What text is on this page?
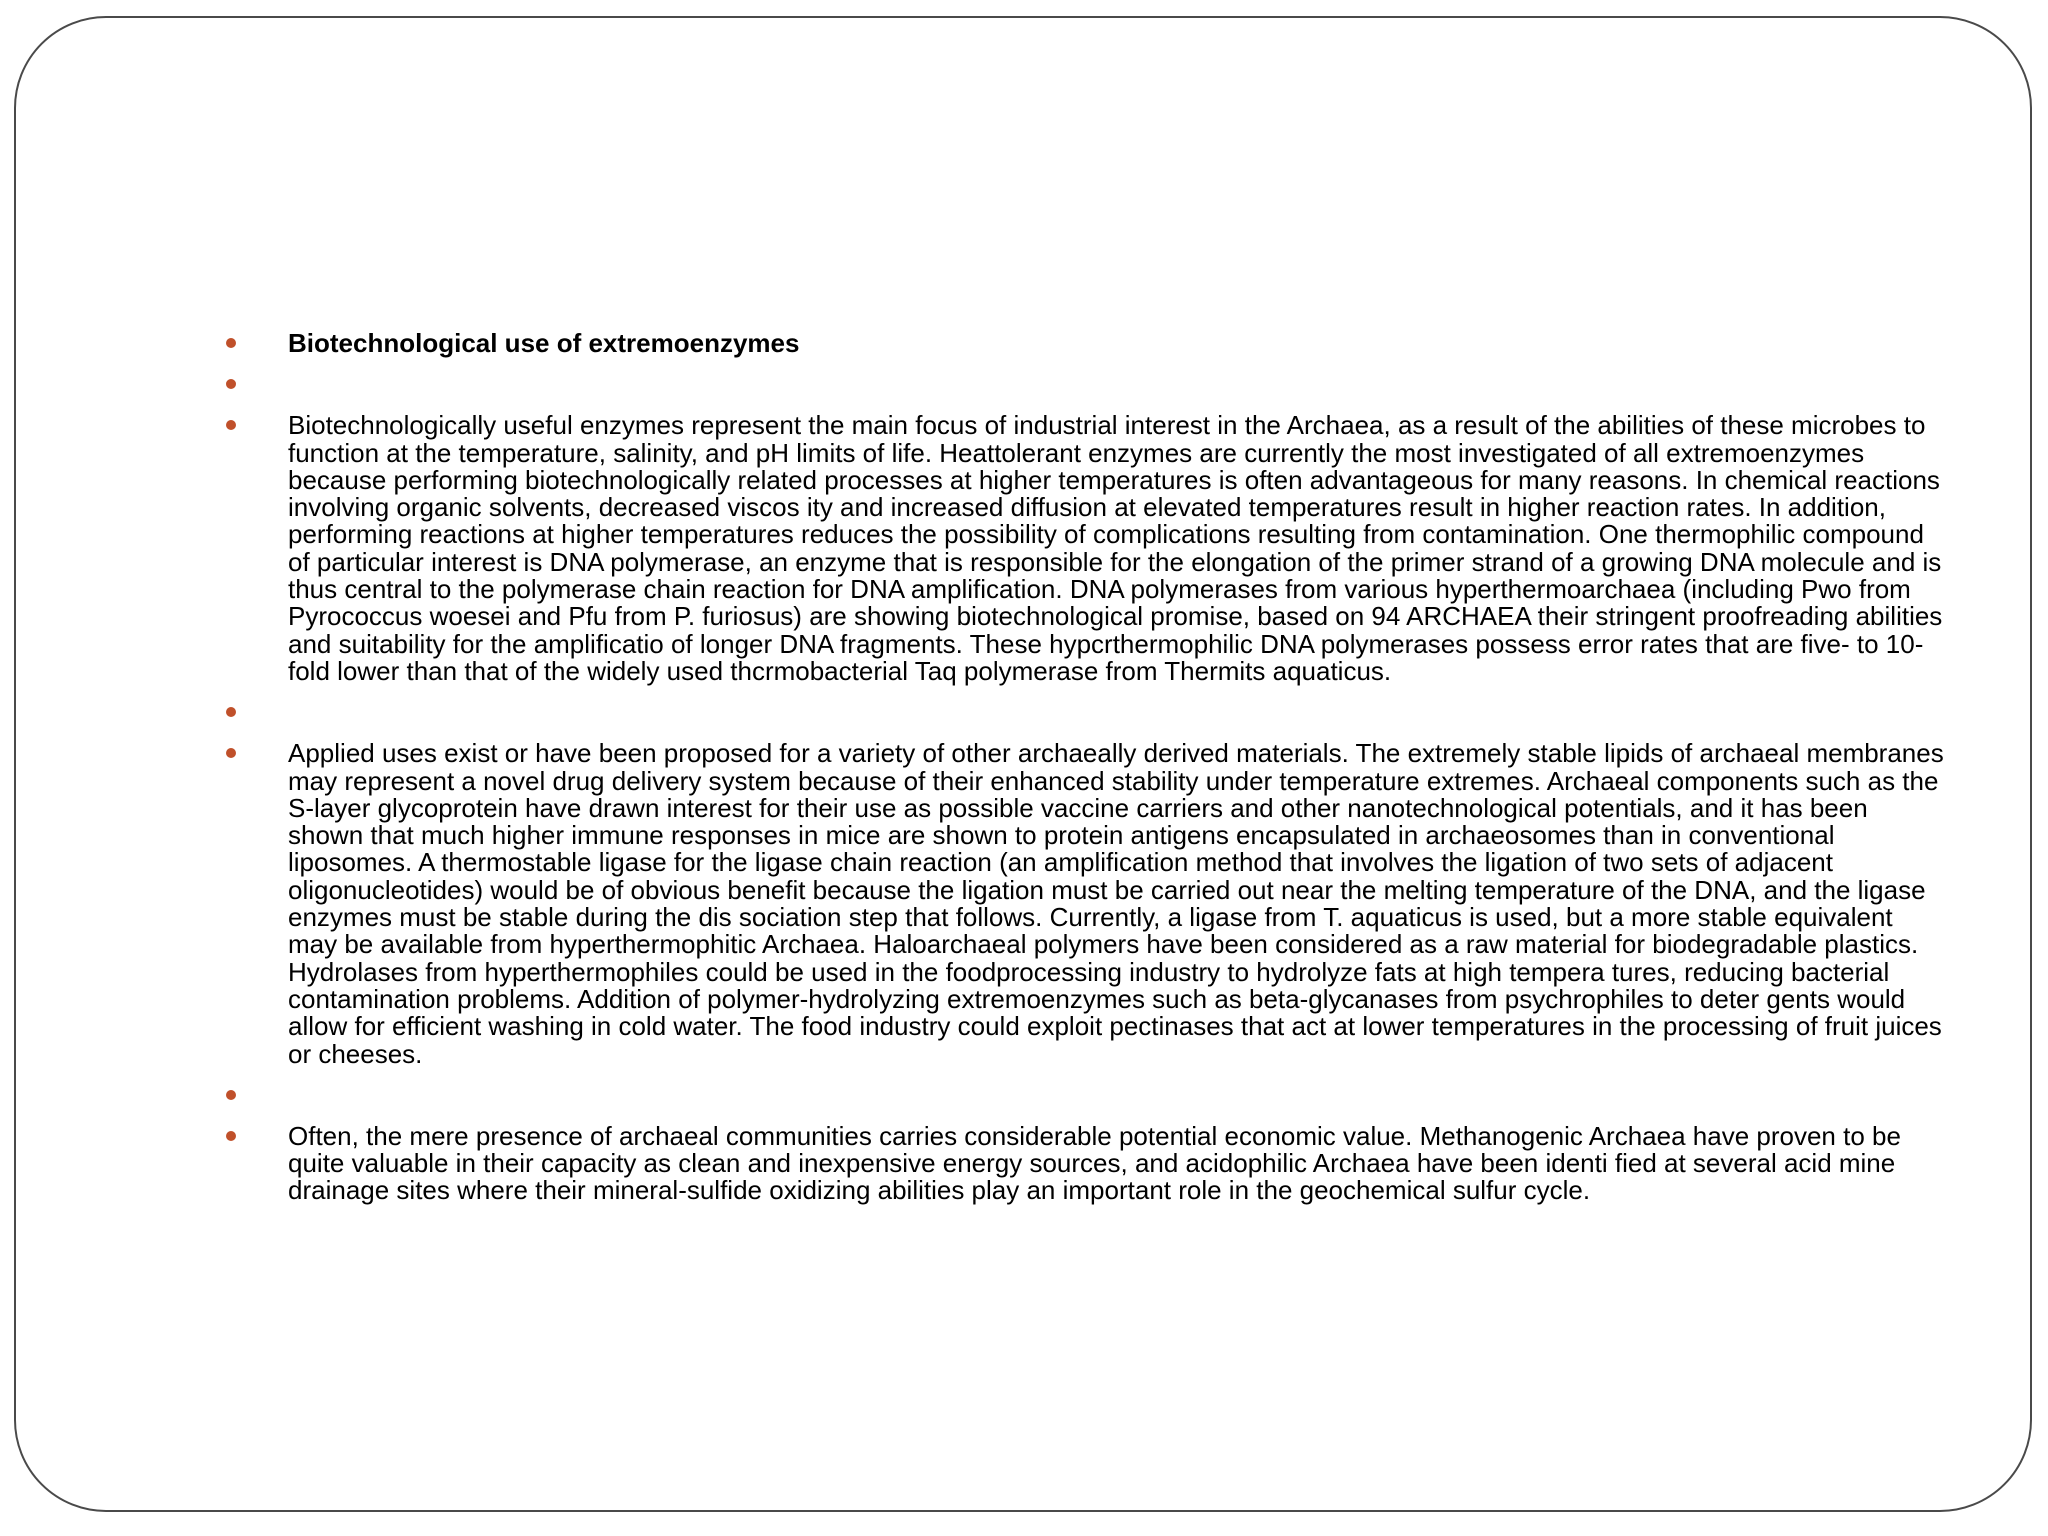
Biotechnological use of extremoenzymes
Biotechnologically useful enzymes represent the main focus of industrial interest in the Archaea, as a result of the abilities of these microbes to function at the temperature, salinity, and pH limits of life. Heattolerant enzymes are currently the most investigated of all extremoenzymes because performing biotechnologically related processes at higher temperatures is often advantageous for many reasons. In chemical reactions involving organic solvents, decreased viscos ity and increased diffusion at elevated temperatures result in higher reaction rates. In addition, performing reactions at higher temperatures reduces the possibility of complications resulting from contamination. One thermophilic compound of particular interest is DNA polymerase, an enzyme that is responsible for the elongation of the primer strand of a growing DNA molecule and is thus central to the polymerase chain reaction for DNA amplification. DNA polymerases from various hyperthermoarchaea (including Pwo from Pyrococcus woesei and Pfu from P. furiosus) are showing biotechnological promise, based on 94 ARCHAEA their stringent proofreading abilities and suitability for the amplificatio of longer DNA fragments. These hypcrthermophilic DNA polymerases possess error rates that are five- to 10-fold lower than that of the widely used thcrmobacterial Taq polymerase from Thermits aquaticus.
Applied uses exist or have been proposed for a variety of other archaeally derived materials. The extremely stable lipids of archaeal membranes may represent a novel drug delivery system because of their enhanced stability under temperature extremes. Archaeal components such as the S-layer glycoprotein have drawn interest for their use as possible vaccine carriers and other nanotechnological potentials, and it has been shown that much higher immune responses in mice are shown to protein antigens encapsulated in archaeosomes than in conventional liposomes. A thermostable ligase for the ligase chain reaction (an amplification method that involves the ligation of two sets of adjacent oligonucleotides) would be of obvious benefit because the ligation must be carried out near the melting temperature of the DNA, and the ligase enzymes must be stable during the dis sociation step that follows. Currently, a ligase from T. aquaticus is used, but a more stable equivalent may be available from hyperthermophitic Archaea. Haloarchaeal polymers have been considered as a raw material for biodegradable plastics. Hydrolases from hyperthermophiles could be used in the foodprocessing industry to hydrolyze fats at high tempera tures, reducing bacterial contamination problems. Addition of polymer-hydrolyzing extremoenzymes such as beta-glycanases from psychrophiles to deter gents would allow for efficient washing in cold water. The food industry could exploit pectinases that act at lower temperatures in the processing of fruit juices or cheeses.
Often, the mere presence of archaeal communities carries considerable potential economic value. Methanogenic Archaea have proven to be quite valuable in their capacity as clean and inexpensive energy sources, and acidophilic Archaea have been identi fied at several acid mine drainage sites where their mineral-sulfide oxidizing abilities play an important role in the geochemical sulfur cycle.
